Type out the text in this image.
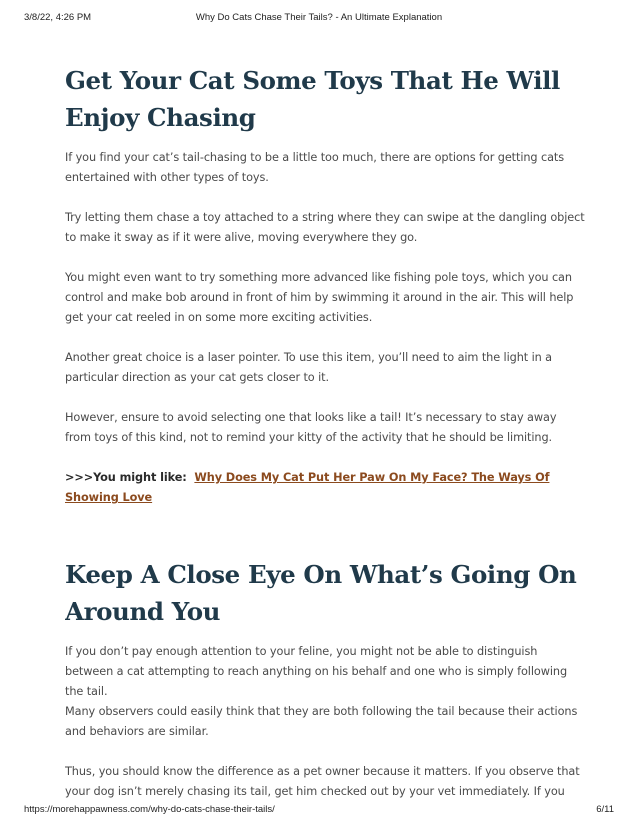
3/8/22, 4:26 PM	Why Do Cats Chase Their Tails? - An Ultimate Explanation
Get Your Cat Some Toys That He Will Enjoy Chasing

If you find your cat’s tail-chasing to be a little too much, there are options for getting cats entertained with other types of toys.

Try letting them chase a toy attached to a string where they can swipe at the dangling object to make it sway as if it were alive, moving everywhere they go.

You might even want to try something more advanced like fishing pole toys, which you can control and make bob around in front of him by swimming it around in the air. This will help get your cat reeled in on some more exciting activities.

Another great choice is a laser pointer. To use this item, you’ll need to aim the light in a particular direction as your cat gets closer to it.

However, ensure to avoid selecting one that looks like a tail! It’s necessary to stay away from toys of this kind, not to remind your kitty of the activity that he should be limiting.

>>>You might like: Why Does My Cat Put Her Paw On My Face? The Ways Of Showing Love

Keep A Close Eye On What’s Going On Around You

If you don’t pay enough attention to your feline, you might not be able to distinguish between a cat attempting to reach anything on his behalf and one who is simply following the tail.

Many observers could easily think that they are both following the tail because their actions and behaviors are similar.

Thus, you should know the difference as a pet owner because it matters. If you observe that your dog isn’t merely chasing its tail, get him checked out by your vet immediately. If you

https://morehappawness.com/why-do-cats-chase-their-tails/	6/11
